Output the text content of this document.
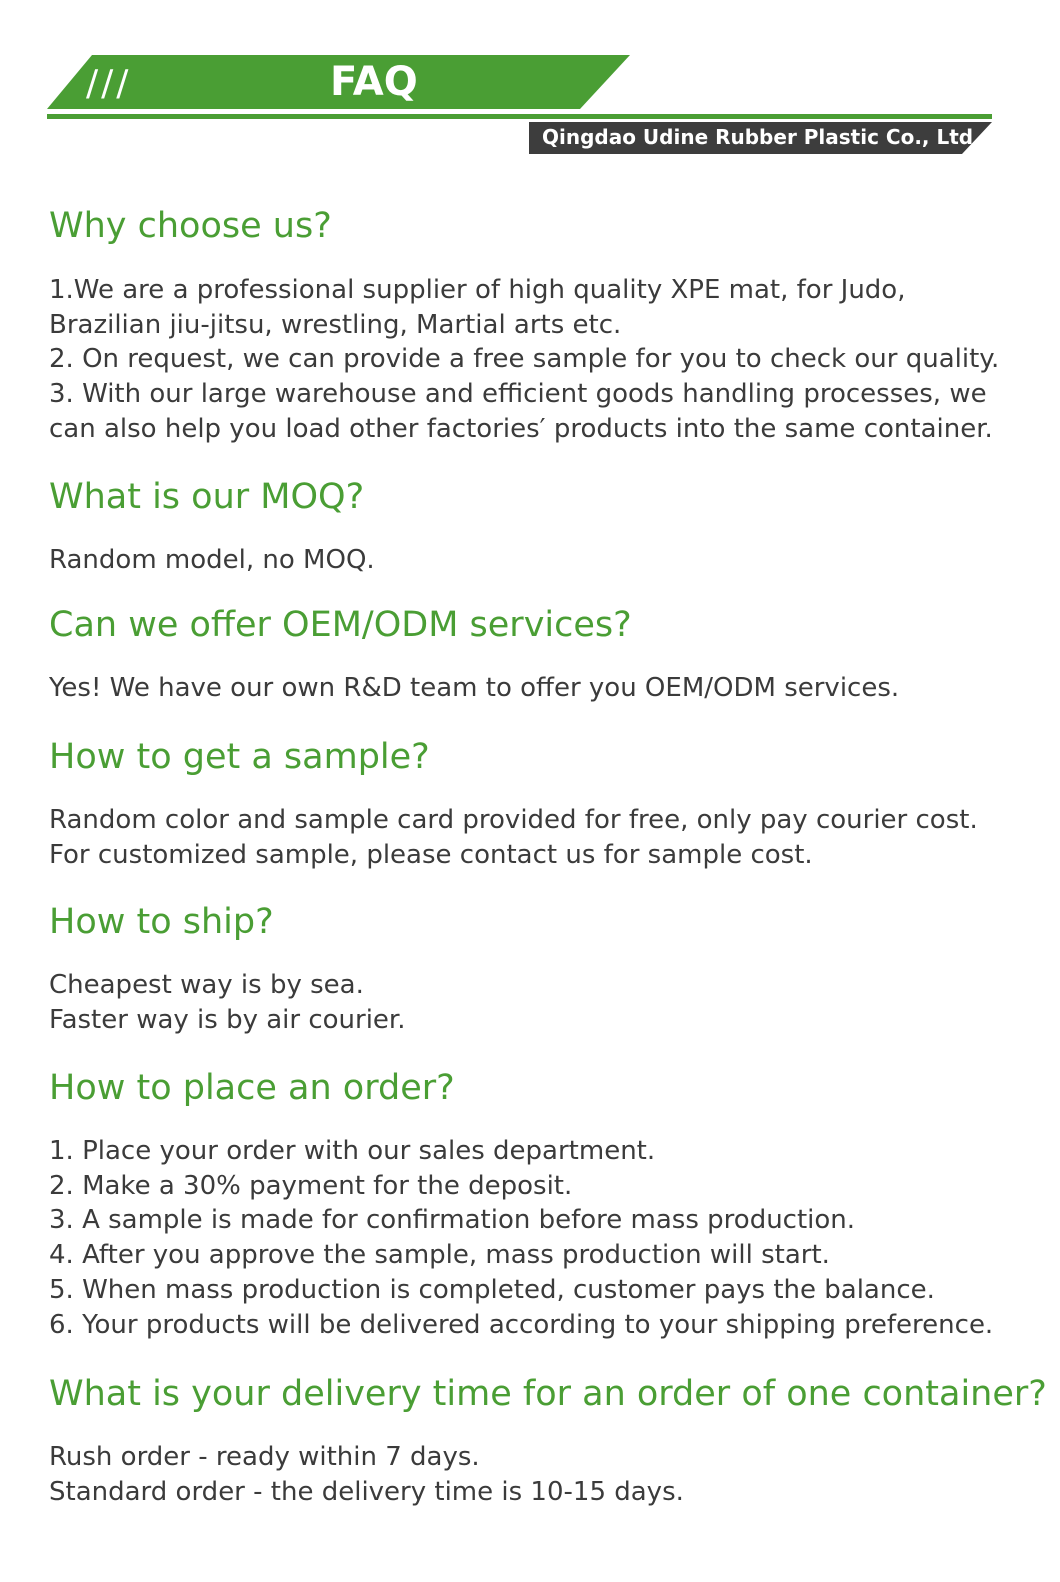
///	FAQ
Qingdao Udine Rubber Plastic Co., Ltd
Why choose us?
1.We are a professional supplier of high quality XPE mat, for Judo,
Brazilian jiu-jitsu, wrestling, Martial arts etc.
2. On request, we can provide a free sample for you to check our quality.
3. With our large warehouse and efficient goods handling processes, we
can also help you load other factories′ products into the same container.
What is our MOQ?
Random model, no MOQ.
Can we offer OEM/ODM services?
Yes! We have our own R&D team to offer you OEM/ODM services.
How to get a sample?
Random color and sample card provided for free, only pay courier cost.
For customized sample, please contact us for sample cost.
How to ship?
Cheapest way is by sea.
Faster way is by air courier.
How to place an order?
1. Place your order with our sales department.
2. Make a 30% payment for the deposit.
3. A sample is made for confirmation before mass production.
4. After you approve the sample, mass production will start.
5. When mass production is completed, customer pays the balance.
6. Your products will be delivered according to your shipping preference.
What is your delivery time for an order of one container?
Rush order - ready within 7 days.
Standard order - the delivery time is 10-15 days.
